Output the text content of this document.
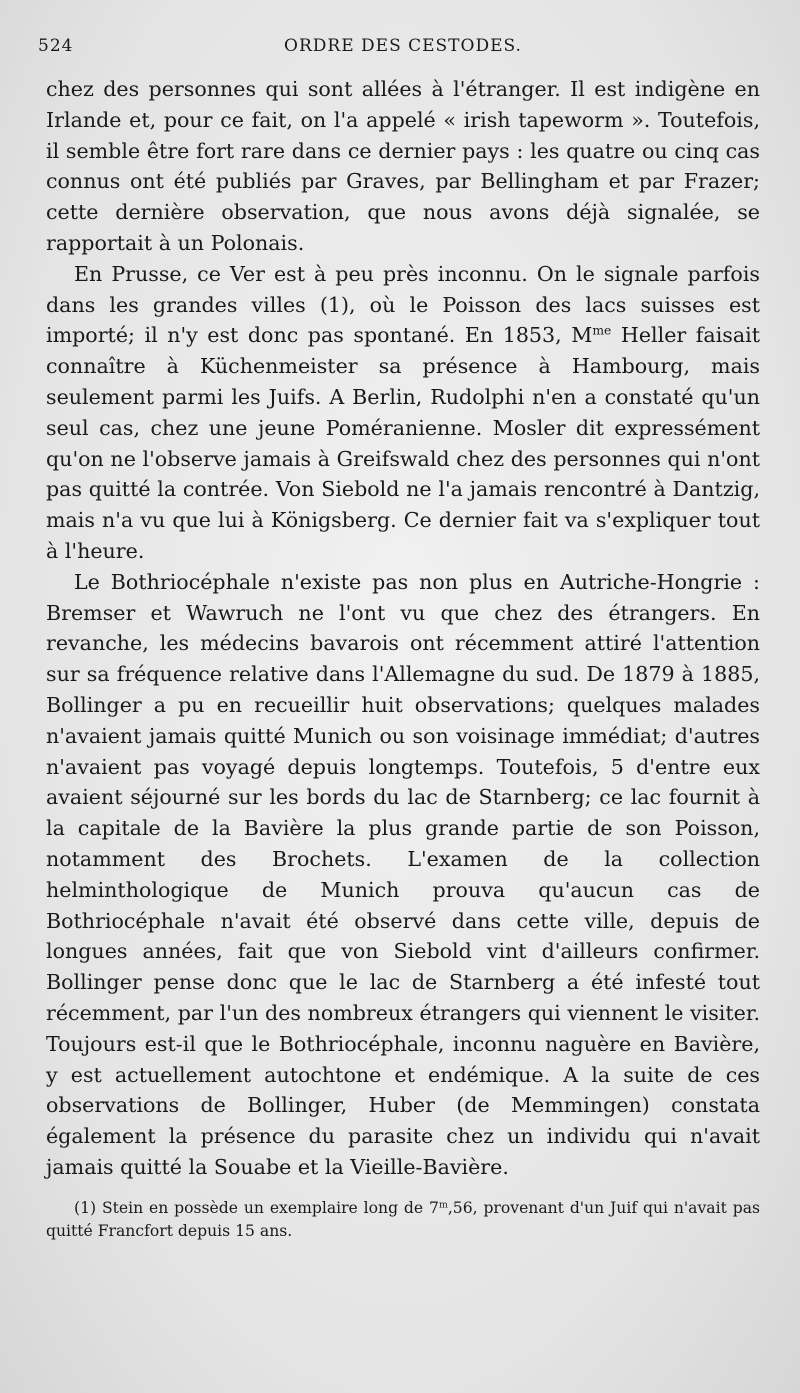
524	ORDRE DES CESTODES.

chez des personnes qui sont allées à l'étranger. Il est indigène en Irlande et, pour ce fait, on l'a appelé « irish tapeworm ». Toutefois, il semble être fort rare dans ce dernier pays : les quatre ou cinq cas connus ont été publiés par Graves, par Bellingham et par Frazer; cette dernière observation, que nous avons déjà signalée, se rapportait à un Polonais.

En Prusse, ce Ver est à peu près inconnu. On le signale parfois dans les grandes villes (1), où le Poisson des lacs suisses est importé; il n'y est donc pas spontané. En 1853, $M^{me}$ Heller faisait connaître à Küchenmeister sa présence à Hambourg, mais seulement parmi les Juifs. A Berlin, Rudolphi n'en a constaté qu'un seul cas, chez une jeune Poméranienne. Mosler dit expressément qu'on ne l'observe jamais à Greifswald chez des personnes qui n'ont pas quitté la contrée. Von Siebold ne l'a jamais rencontré à Dantzig, mais n'a vu que lui à Königsberg. Ce dernier fait va s'expliquer tout à l'heure.

Le Bothriocéphale n'existe pas non plus en Autriche-Hongrie : Bremser et Wawruch ne l'ont vu que chez des étrangers. En revanche, les médecins bavarois ont récemment attiré l'attention sur sa fréquence relative dans l'Allemagne du sud. De 1879 à 1885, Bollinger a pu en recueillir huit observations; quelques malades n'avaient jamais quitté Munich ou son voisinage immédiat; d'autres n'avaient pas voyagé depuis longtemps. Toutefois, 5 d'entre eux avaient séjourné sur les bords du lac de Starnberg; ce lac fournit à la capitale de la Bavière la plus grande partie de son Poisson, notamment des Brochets. L'examen de la collection helminthologique de Munich prouva qu'aucun cas de Bothriocéphale n'avait été observé dans cette ville, depuis de longues années, fait que von Siebold vint d'ailleurs confirmer. Bollinger pense donc que le lac de Starnberg a été infesté tout récemment, par l'un des nombreux étrangers qui viennent le visiter. Toujours est-il que le Bothriocéphale, inconnu naguère en Bavière, y est actuellement autochtone et endémique. A la suite de ces observations de Bollinger, Huber (de Memmingen) constata également la présence du parasite chez un individu qui n'avait jamais quitté la Souabe et la Vieille-Bavière.

(1) Stein en possède un exemplaire long de 7$^m$,56, provenant d'un Juif qui n'avait pas quitté Francfort depuis 15 ans.
